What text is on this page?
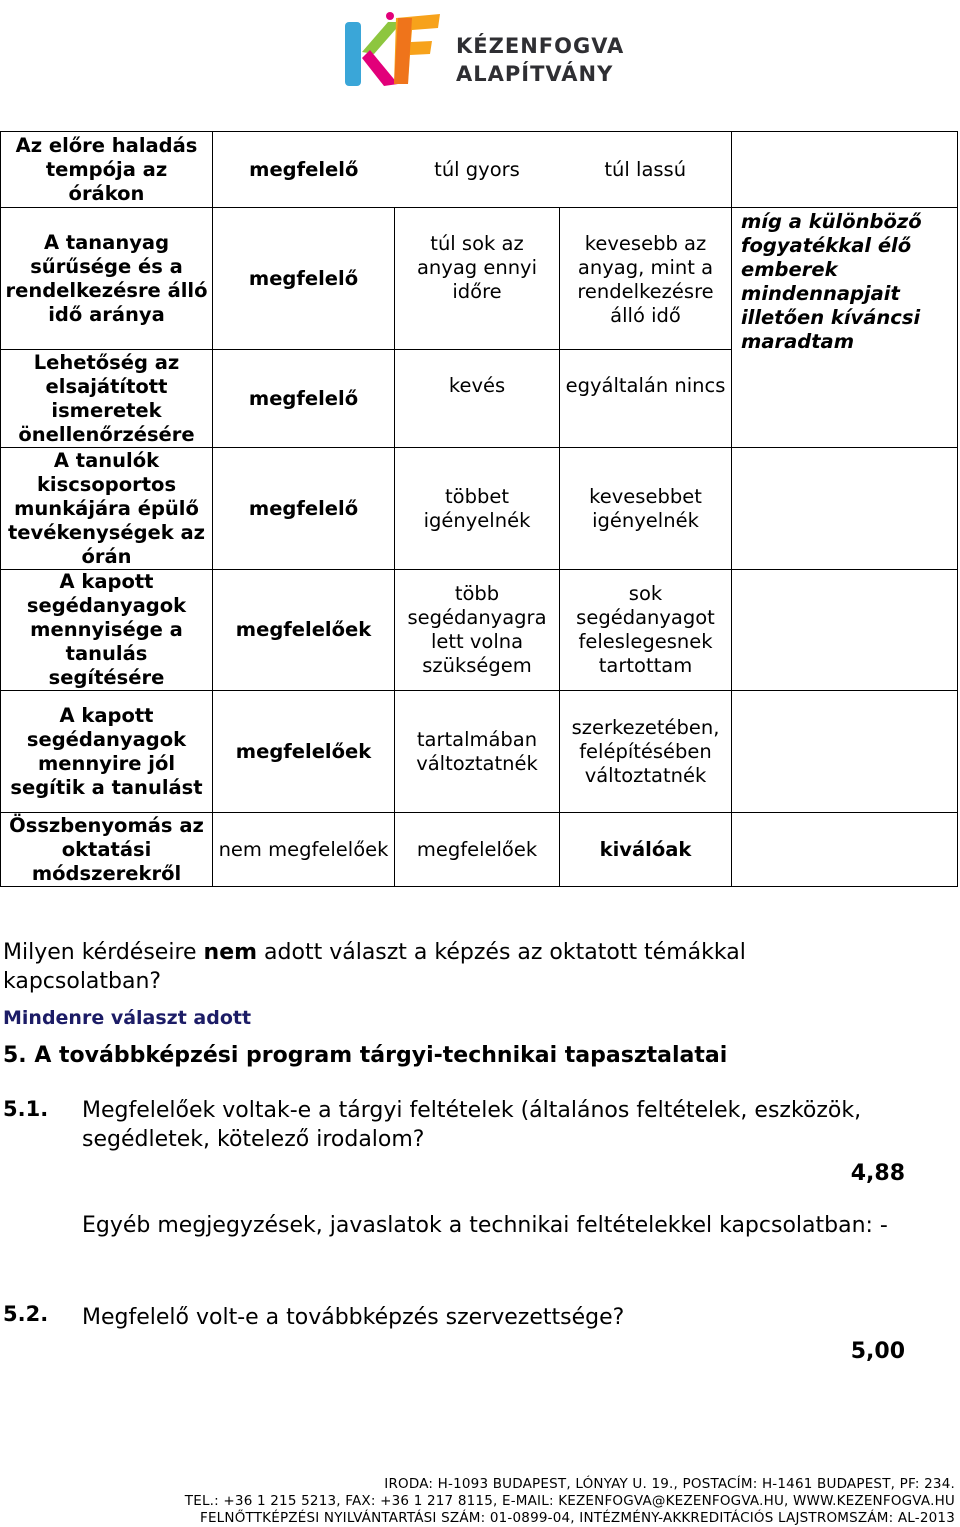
KÉZENFOGVA
ALAPÍTVÁNY
Az előre haladás tempója az órákon	megfelelő	túl gyors	túl lassú	
A tananyag sűrűsége és a rendelkezésre álló idő aránya	megfelelő	túl sok az anyag ennyi időre	kevesebb az anyag, mint a rendelkezésre álló idő	míg a különböző fogyatékkal élő emberek mindennapjait illetően kíváncsi maradtam
Lehetőség az elsajátított ismeretek önellenőrzésére	megfelelő	kevés	egyáltalán nincs	
A tanulók kiscsoportos munkájára épülő tevékenységek az órán	megfelelő	többet igényelnék	kevesebbet igényelnék	
A kapott segédanyagok mennyisége a tanulás segítésére	megfelelőek	több segédanyagra lett volna szükségem	sok segédanyagot feleslegesnek tartottam	
A kapott segédanyagok mennyire jól segítik a tanulást	megfelelőek	tartalmában változtatnék	szerkezetében, felépítésében változtatnék	
Összbenyomás az oktatási módszerekről	nem megfelelőek	megfelelőek	kiválóak	
Milyen kérdéseire nem adott választ a képzés az oktatott témákkal kapcsolatban?
Mindenre választ adott
5. A továbbképzési program tárgyi-technikai tapasztalatai
5.1. Megfelelőek voltak-e a tárgyi feltételek (általános feltételek, eszközök, segédletek, kötelező irodalom?
4,88
Egyéb megjegyzések, javaslatok a technikai feltételekkel kapcsolatban: -
5.2. Megfelelő volt-e a továbbképzés szervezettsége?
5,00
IRODA: H-1093 BUDAPEST, LÓNYAY U. 19., POSTACÍM: H-1461 BUDAPEST, PF: 234.
TEL.: +36 1 215 5213, FAX: +36 1 217 8115, E-MAIL: KEZENFOGVA@KEZENFOGVA.HU, WWW.KEZENFOGVA.HU
FELNŐTTKÉPZÉSI NYILVÁNTARTÁSI SZÁM: 01-0899-04, INTÉZMÉNY-AKKREDITÁCIÓS LAJSTROMSZÁM: AL-2013
